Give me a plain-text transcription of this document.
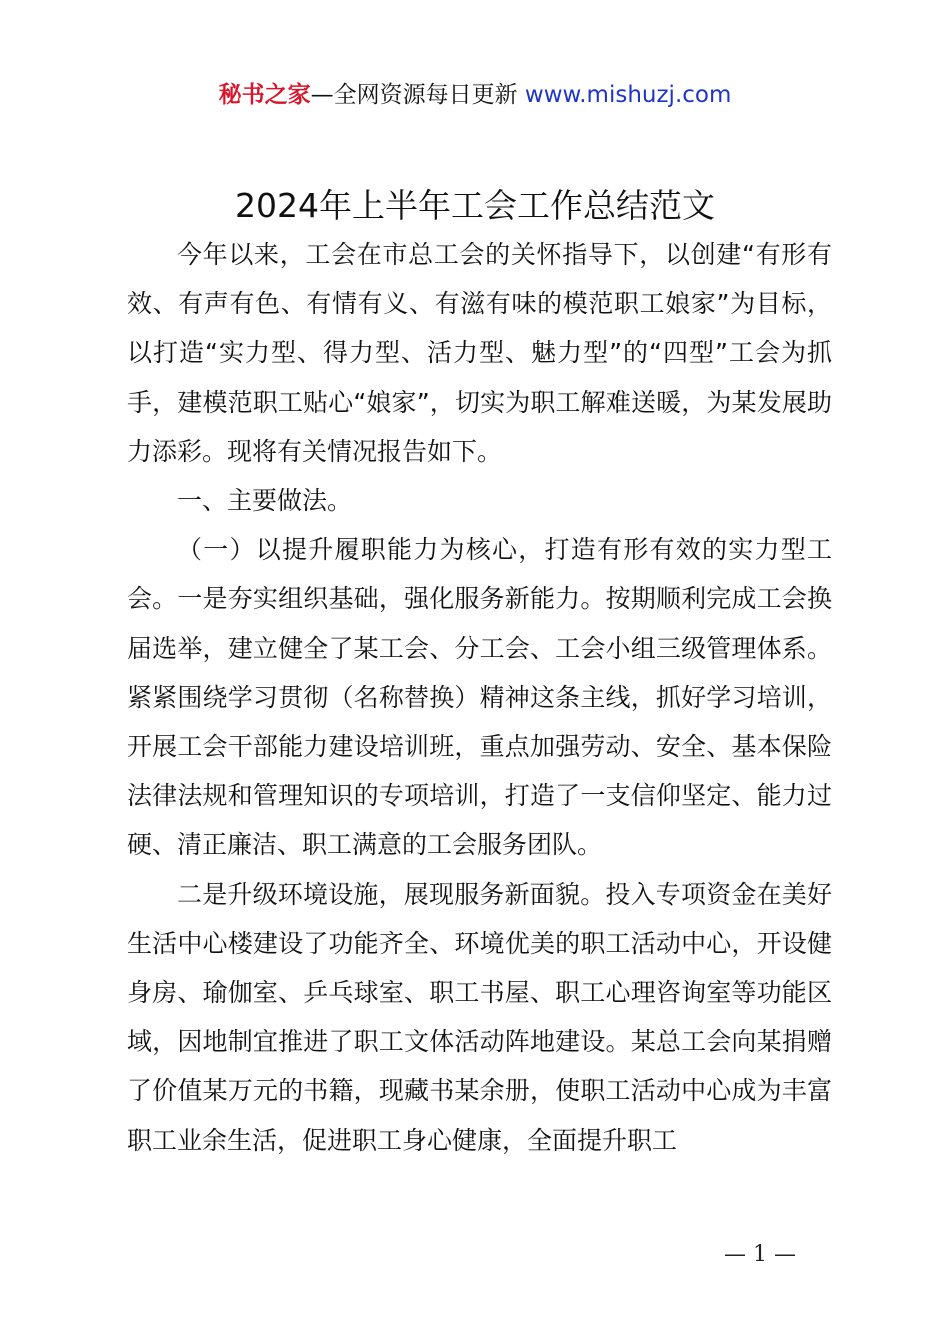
秘书之家—全网资源每日更新 www.mishuzj.com
2024年上半年工会工作总结范文

今年以来，工会在市总工会的关怀指导下，以创建“有形有效、有声有色、有情有义、有滋有味的模范职工娘家”为目标，以打造“实力型、得力型、活力型、魅力型”的“四型”工会为抓手，建模范职工贴心“娘家”，切实为职工解难送暖，为某发展助力添彩。现将有关情况报告如下。

一、主要做法。

（一）以提升履职能力为核心，打造有形有效的实力型工会。一是夯实组织基础，强化服务新能力。按期顺利完成工会换届选举，建立健全了某工会、分工会、工会小组三级管理体系。紧紧围绕学习贯彻（名称替换）精神这条主线，抓好学习培训，开展工会干部能力建设培训班，重点加强劳动、安全、基本保险法律法规和管理知识的专项培训，打造了一支信仰坚定、能力过硬、清正廉洁、职工满意的工会服务团队。

二是升级环境设施，展现服务新面貌。投入专项资金在美好生活中心楼建设了功能齐全、环境优美的职工活动中心，开设健身房、瑜伽室、乒乓球室、职工书屋、职工心理咨询室等功能区域，因地制宜推进了职工文体活动阵地建设。某总工会向某捐赠了价值某万元的书籍，现藏书某余册，使职工活动中心成为丰富职工业余生活，促进职工身心健康，全面提升职工

— 1 —
